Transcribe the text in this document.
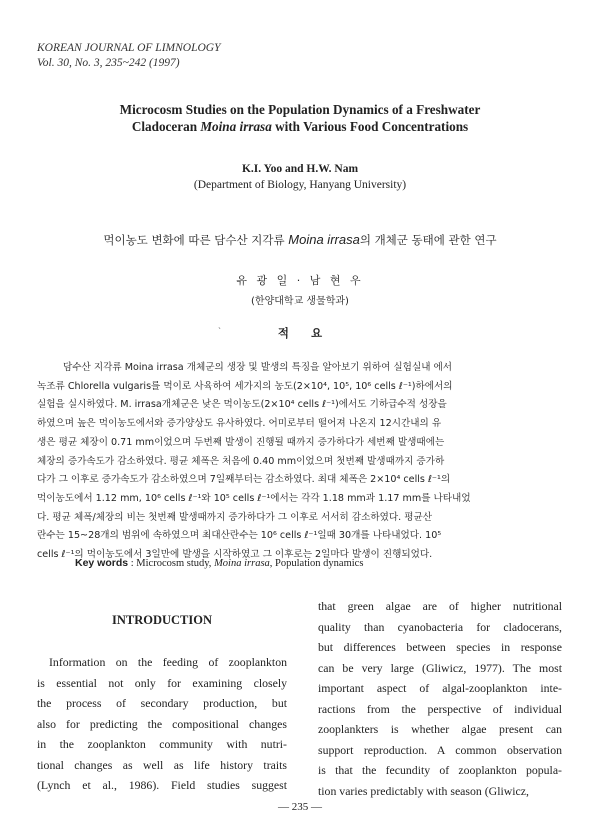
KOREAN JOURNAL OF LIMNOLOGY
Vol. 30, No. 3, 235~242 (1997)
Microcosm Studies on the Population Dynamics of a Freshwater
Cladoceran Moina irrasa with Various Food Concentrations
K.I. Yoo and H.W. Nam
(Department of Biology, Hanyang University)
먹이농도 변화에 따른 담수산 지각류 Moina irrasa의 개체군 동태에 관한 연구
유 광 일 · 남 현 우
(한양대학교 생물학과)
`	적 요
담수산 지각류 Moina irrasa 개체군의 생장 및 발생의 특징을 알아보기 위하여 실험실내 에서
녹조류 Chlorella vulgaris를 먹이로 사육하여 세가지의 농도(2×10⁴, 10⁵, 10⁶ cells ℓ⁻¹)하에서의
실험을 실시하였다. M. irrasa개체군은 낮은 먹이농도(2×10⁴ cells ℓ⁻¹)에서도 기하급수적 성장을
하였으며 높은 먹이농도에서와 증가양상도 유사하였다. 어미로부터 떨어져 나온지 12시간내의 유
생은 평균 체장이 0.71 mm이었으며 두번째 발생이 진행될 때까지 증가하다가 세번째 발생때에는
체장의 증가속도가 감소하였다. 평균 체폭은 처음에 0.40 mm이었으며 첫번째 발생때까지 증가하
다가 그 이후로 증가속도가 감소하였으며 7일째부터는 감소하였다. 최대 체폭은 2×10⁴ cells ℓ⁻¹의
먹이농도에서 1.12 mm, 10⁶ cells ℓ⁻¹와 10⁵ cells ℓ⁻¹에서는 각각 1.18 mm과 1.17 mm를 나타내었
다. 평균 체폭/체장의 비는 첫번째 발생때까지 증가하다가 그 이후로 서서히 감소하였다. 평균산
란수는 15~28개의 범위에 속하였으며 최대산란수는 10⁶ cells ℓ⁻¹일때 30개를 나타내었다. 10⁵
cells ℓ⁻¹의 먹이농도에서 3일만에 발생을 시작하였고 그 이후로는 2일마다 발생이 진행되었다.
Key words : Microcosm study, Moina irrasa, Population dynamics
INTRODUCTION
Information on the feeding of zooplankton
is essential not only for examining closely
the process of secondary production, but
also for predicting the compositional changes
in the zooplankton community with nutri-
tional changes as well as life history traits
(Lynch et al., 1986). Field studies suggest
that green algae are of higher nutritional
quality than cyanobacteria for cladocerans,
but differences between species in response
can be very large (Gliwicz, 1977). The most
important aspect of algal-zooplankton inte-
ractions from the perspective of individual
zooplankters is whether algae present can
support reproduction. A common observation
is that the fecundity of zooplankton popula-
tion varies predictably with season (Gliwicz,
— 235 —
